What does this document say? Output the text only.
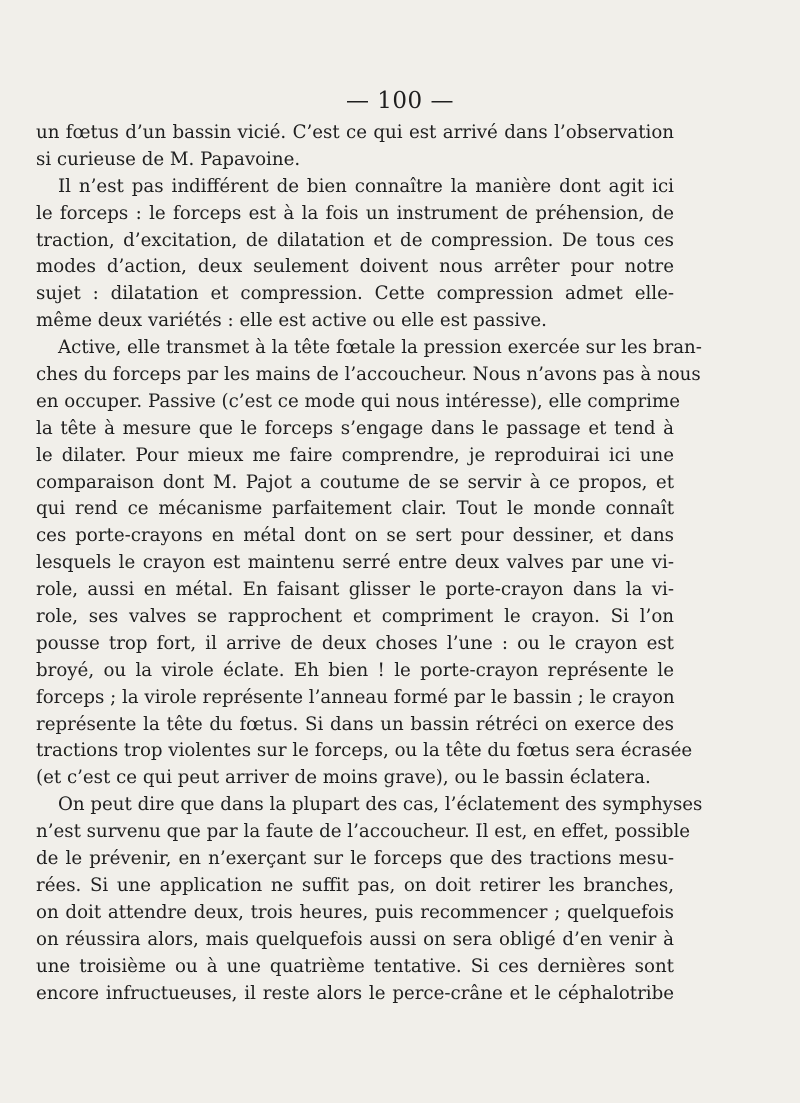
— 100 —
un fœtus d’un bassin vicié. C’est ce qui est arrivé dans l’observation
si curieuse de M. Papavoine.
Il n’est pas indifférent de bien connaître la manière dont agit ici
le forceps : le forceps est à la fois un instrument de préhension, de
traction, d’excitation, de dilatation et de compression. De tous ces
modes d’action, deux seulement doivent nous arrêter pour notre
sujet : dilatation et compression. Cette compression admet elle-
même deux variétés : elle est active ou elle est passive.
Active, elle transmet à la tête fœtale la pression exercée sur les bran-
ches du forceps par les mains de l’accoucheur. Nous n’avons pas à nous
en occuper. Passive (c’est ce mode qui nous intéresse), elle comprime
la tête à mesure que le forceps s’engage dans le passage et tend à
le dilater. Pour mieux me faire comprendre, je reproduirai ici une
comparaison dont M. Pajot a coutume de se servir à ce propos, et
qui rend ce mécanisme parfaitement clair. Tout le monde connaît
ces porte-crayons en métal dont on se sert pour dessiner, et dans
lesquels le crayon est maintenu serré entre deux valves par une vi-
role, aussi en métal. En faisant glisser le porte-crayon dans la vi-
role, ses valves se rapprochent et compriment le crayon. Si l’on
pousse trop fort, il arrive de deux choses l’une : ou le crayon est
broyé, ou la virole éclate. Eh bien ! le porte-crayon représente le
forceps ; la virole représente l’anneau formé par le bassin ; le crayon
représente la tête du fœtus. Si dans un bassin rétréci on exerce des
tractions trop violentes sur le forceps, ou la tête du fœtus sera écrasée
(et c’est ce qui peut arriver de moins grave), ou le bassin éclatera.
On peut dire que dans la plupart des cas, l’éclatement des symphyses
n’est survenu que par la faute de l’accoucheur. Il est, en effet, possible
de le prévenir, en n’exerçant sur le forceps que des tractions mesu-
rées. Si une application ne suffit pas, on doit retirer les branches,
on doit attendre deux, trois heures, puis recommencer ; quelquefois
on réussira alors, mais quelquefois aussi on sera obligé d’en venir à
une troisième ou à une quatrième tentative. Si ces dernières sont
encore infructueuses, il reste alors le perce-crâne et le céphalotribe
